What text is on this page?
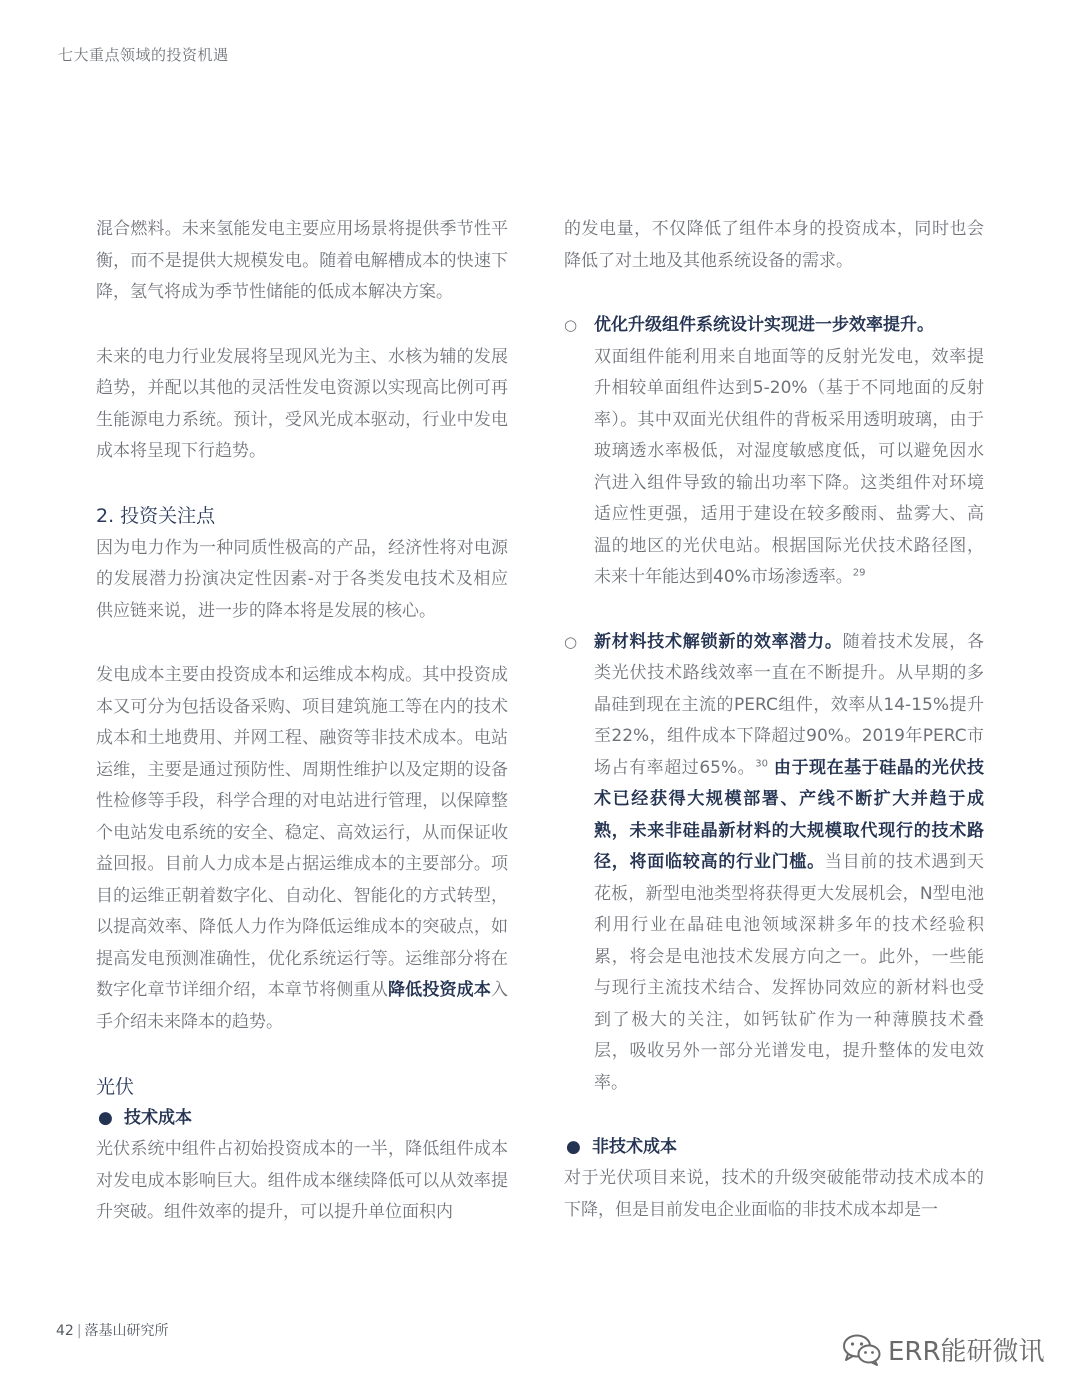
七大重点领域的投资机遇

混合燃料。未来氢能发电主要应用场景将提供季节性平衡，而不是提供大规模发电。随着电解槽成本的快速下降，氢气将成为季节性储能的低成本解决方案。

未来的电力行业发展将呈现风光为主、水核为辅的发展趋势，并配以其他的灵活性发电资源以实现高比例可再生能源电力系统。预计，受风光成本驱动，行业中发电成本将呈现下行趋势。

2. 投资关注点

因为电力作为一种同质性极高的产品，经济性将对电源的发展潜力扮演决定性因素-对于各类发电技术及相应供应链来说，进一步的降本将是发展的核心。

发电成本主要由投资成本和运维成本构成。其中投资成本又可分为包括设备采购、项目建筑施工等在内的技术成本和土地费用、并网工程、融资等非技术成本。电站运维，主要是通过预防性、周期性维护以及定期的设备性检修等手段，科学合理的对电站进行管理，以保障整个电站发电系统的安全、稳定、高效运行，从而保证收益回报。目前人力成本是占据运维成本的主要部分。项目的运维正朝着数字化、自动化、智能化的方式转型，以提高效率、降低人力作为降低运维成本的突破点，如提高发电预测准确性，优化系统运行等。运维部分将在数字化章节详细介绍，本章节将侧重从降低投资成本入手介绍未来降本的趋势。

光伏
● 技术成本

光伏系统中组件占初始投资成本的一半，降低组件成本对发电成本影响巨大。组件成本继续降低可以从效率提升突破。组件效率的提升，可以提升单位面积内

的发电量，不仅降低了组件本身的投资成本，同时也会降低了对土地及其他系统设备的需求。

○ 优化升级组件系统设计实现进一步效率提升。
双面组件能利用来自地面等的反射光发电，效率提升相较单面组件达到5-20%（基于不同地面的反射率）。其中双面光伏组件的背板采用透明玻璃，由于玻璃透水率极低，对湿度敏感度低，可以避免因水汽进入组件导致的输出功率下降。这类组件对环境适应性更强，适用于建设在较多酸雨、盐雾大、高温的地区的光伏电站。根据国际光伏技术路径图，未来十年能达到40%市场渗透率。$^{29}$

○ 新材料技术解锁新的效率潜力。随着技术发展，各类光伏技术路线效率一直在不断提升。从早期的多晶硅到现在主流的PERC组件，效率从14-15%提升至22%，组件成本下降超过90%。2019年PERC市场占有率超过65%。$^{30}$ 由于现在基于硅晶的光伏技术已经获得大规模部署、产线不断扩大并趋于成熟，未来非硅晶新材料的大规模取代现行的技术路径，将面临较高的行业门槛。当目前的技术遇到天花板，新型电池类型将获得更大发展机会，N型电池利用行业在晶硅电池领域深耕多年的技术经验积累，将会是电池技术发展方向之一。此外，一些能与现行主流技术结合、发挥协同效应的新材料也受到了极大的关注，如钙钛矿作为一种薄膜技术叠层，吸收另外一部分光谱发电，提升整体的发电效率。

● 非技术成本

对于光伏项目来说，技术的升级突破能带动技术成本的下降，但是目前发电企业面临的非技术成本却是一

42 | 落基山研究所
ERR能研微讯
